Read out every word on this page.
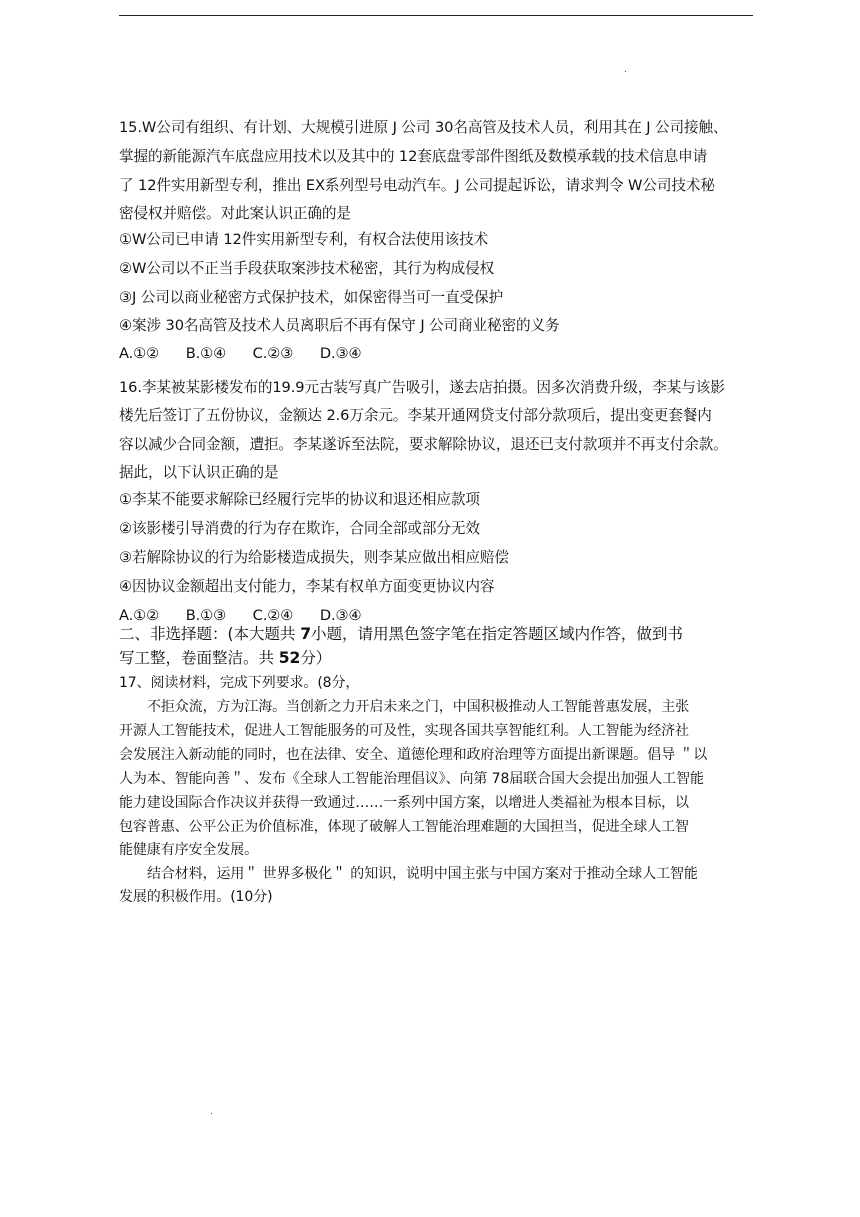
.
15.W公司有组织、有计划、大规模引进原 J 公司 30名高管及技术人员，利用其在 J 公司接触、
掌握的新能源汽车底盘应用技术以及其中的 12套底盘零部件图纸及数模承载的技术信息申请
了 12件实用新型专利，推出 EX系列型号电动汽车。J 公司提起诉讼，请求判令 W公司技术秘
密侵权并赔偿。对此案认识正确的是
①W公司已申请 12件实用新型专利，有权合法使用该技术
②W公司以不正当手段获取案涉技术秘密，其行为构成侵权
③J 公司以商业秘密方式保护技术，如保密得当可一直受保护
④案涉 30名高管及技术人员离职后不再有保守 J 公司商业秘密的义务
A.①② B.①④ C.②③ D.③④
16.李某被某影楼发布的19.9元古装写真广告吸引，遂去店拍摄。因多次消费升级，李某与该影
楼先后签订了五份协议，金额达 2.6万余元。李某开通网贷支付部分款项后，提出变更套餐内
容以减少合同金额，遭拒。李某遂诉至法院，要求解除协议，退还已支付款项并不再支付余款。
据此，以下认识正确的是
①李某不能要求解除已经履行完毕的协议和退还相应款项
②该影楼引导消费的行为存在欺诈，合同全部或部分无效
③若解除协议的行为给影楼造成损失，则李某应做出相应赔偿
④因协议金额超出支付能力，李某有权单方面变更协议内容
A.①② B.①③ C.②④ D.③④
二、非选择题：(本大题共 7小题，请用黑色签字笔在指定答题区域内作答，做到书
写工整，卷面整洁。共 52分）
17、阅读材料，完成下列要求。(8分，
不拒众流，方为江海。当创新之力开启未来之门，中国积极推动人工智能普惠发展，主张
开源人工智能技术，促进人工智能服务的可及性，实现各国共享智能红利。人工智能为经济社
会发展注入新动能的同时，也在法律、安全、道德伦理和政府治理等方面提出新课题。倡导 ＂以
人为本、智能向善＂、发布《全球人工智能治理倡议》、向第 78届联合国大会提出加强人工智能
能力建设国际合作决议并获得一致通过……一系列中国方案，以增进人类福祉为根本目标，以
包容普惠、公平公正为价值标准，体现了破解人工智能治理难题的大国担当，促进全球人工智
能健康有序安全发展。
结合材料，运用＂ 世界多极化＂ 的知识，说明中国主张与中国方案对于推动全球人工智能
发展的积极作用。(10分)
.
